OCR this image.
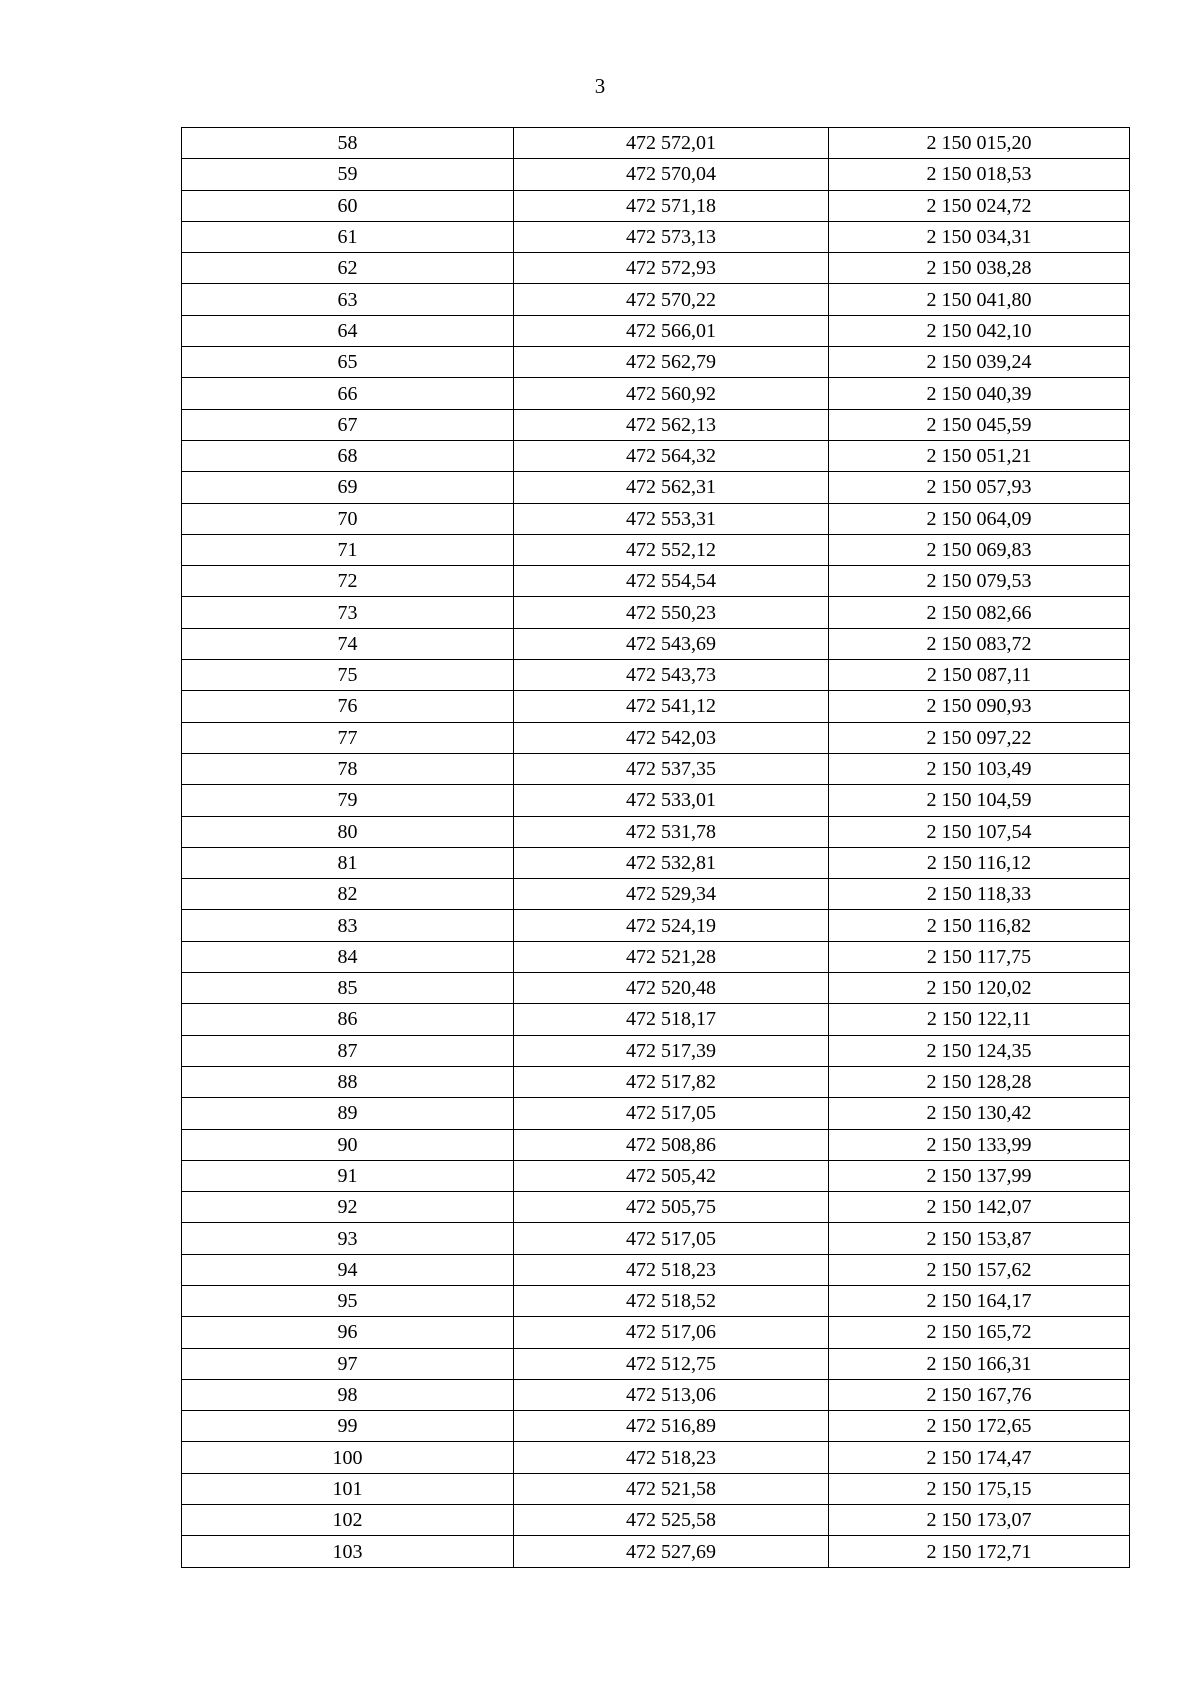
3
58	472 572,01	2 150 015,20
59	472 570,04	2 150 018,53
60	472 571,18	2 150 024,72
61	472 573,13	2 150 034,31
62	472 572,93	2 150 038,28
63	472 570,22	2 150 041,80
64	472 566,01	2 150 042,10
65	472 562,79	2 150 039,24
66	472 560,92	2 150 040,39
67	472 562,13	2 150 045,59
68	472 564,32	2 150 051,21
69	472 562,31	2 150 057,93
70	472 553,31	2 150 064,09
71	472 552,12	2 150 069,83
72	472 554,54	2 150 079,53
73	472 550,23	2 150 082,66
74	472 543,69	2 150 083,72
75	472 543,73	2 150 087,11
76	472 541,12	2 150 090,93
77	472 542,03	2 150 097,22
78	472 537,35	2 150 103,49
79	472 533,01	2 150 104,59
80	472 531,78	2 150 107,54
81	472 532,81	2 150 116,12
82	472 529,34	2 150 118,33
83	472 524,19	2 150 116,82
84	472 521,28	2 150 117,75
85	472 520,48	2 150 120,02
86	472 518,17	2 150 122,11
87	472 517,39	2 150 124,35
88	472 517,82	2 150 128,28
89	472 517,05	2 150 130,42
90	472 508,86	2 150 133,99
91	472 505,42	2 150 137,99
92	472 505,75	2 150 142,07
93	472 517,05	2 150 153,87
94	472 518,23	2 150 157,62
95	472 518,52	2 150 164,17
96	472 517,06	2 150 165,72
97	472 512,75	2 150 166,31
98	472 513,06	2 150 167,76
99	472 516,89	2 150 172,65
100	472 518,23	2 150 174,47
101	472 521,58	2 150 175,15
102	472 525,58	2 150 173,07
103	472 527,69	2 150 172,71
